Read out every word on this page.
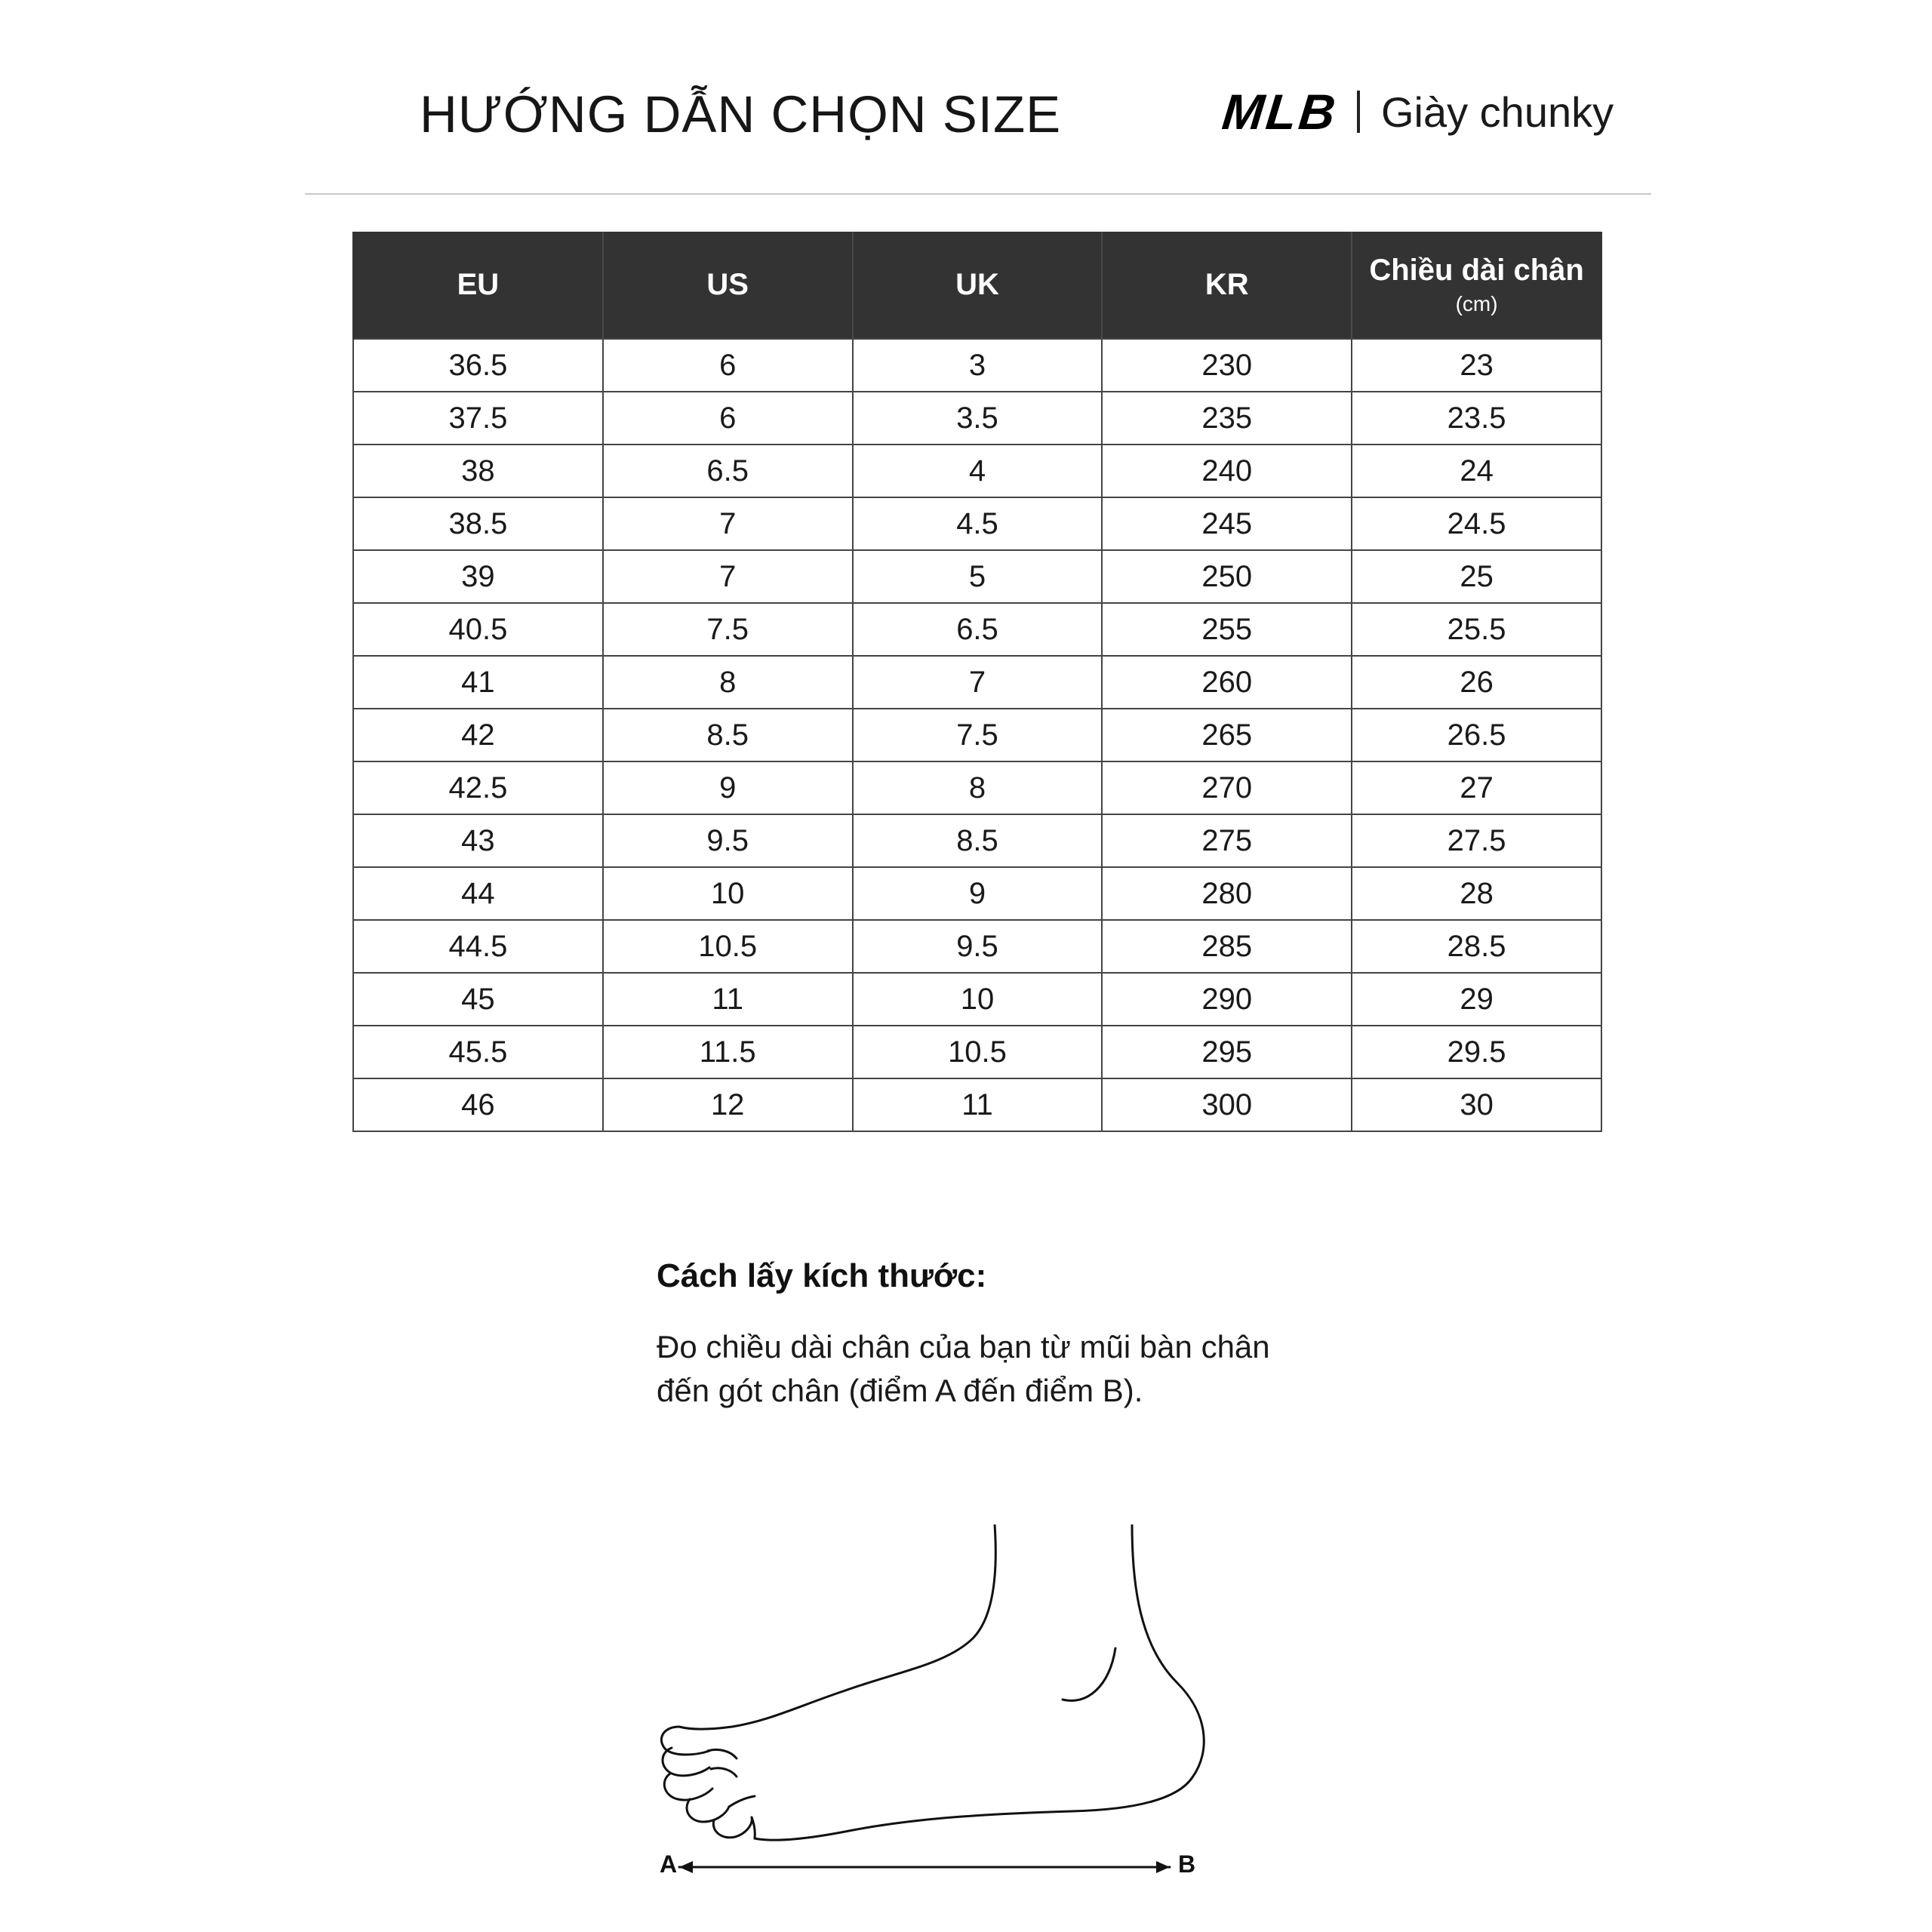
HƯỚNG DẪN CHỌN SIZE	MLB Giày chunky
EU	US	UK	KR	Chiều dài chân
(cm)

36.5	6	3	230	23
37.5	6	3.5	235	23.5
38	6.5	4	240	24
38.5	7	4.5	245	24.5
39	7	5	250	25
40.5	7.5	6.5	255	25.5
41	8	7	260	26
42	8.5	7.5	265	26.5
42.5	9	8	270	27
43	9.5	8.5	275	27.5
44	10	9	280	28
44.5	10.5	9.5	285	28.5
45	11	10	290	29
45.5	11.5	10.5	295	29.5
46	12	11	300	30
Cách lấy kích thước:
Đo chiều dài chân của bạn từ mũi bàn chân
đến gót chân (điểm A đến điểm B).
A	B
